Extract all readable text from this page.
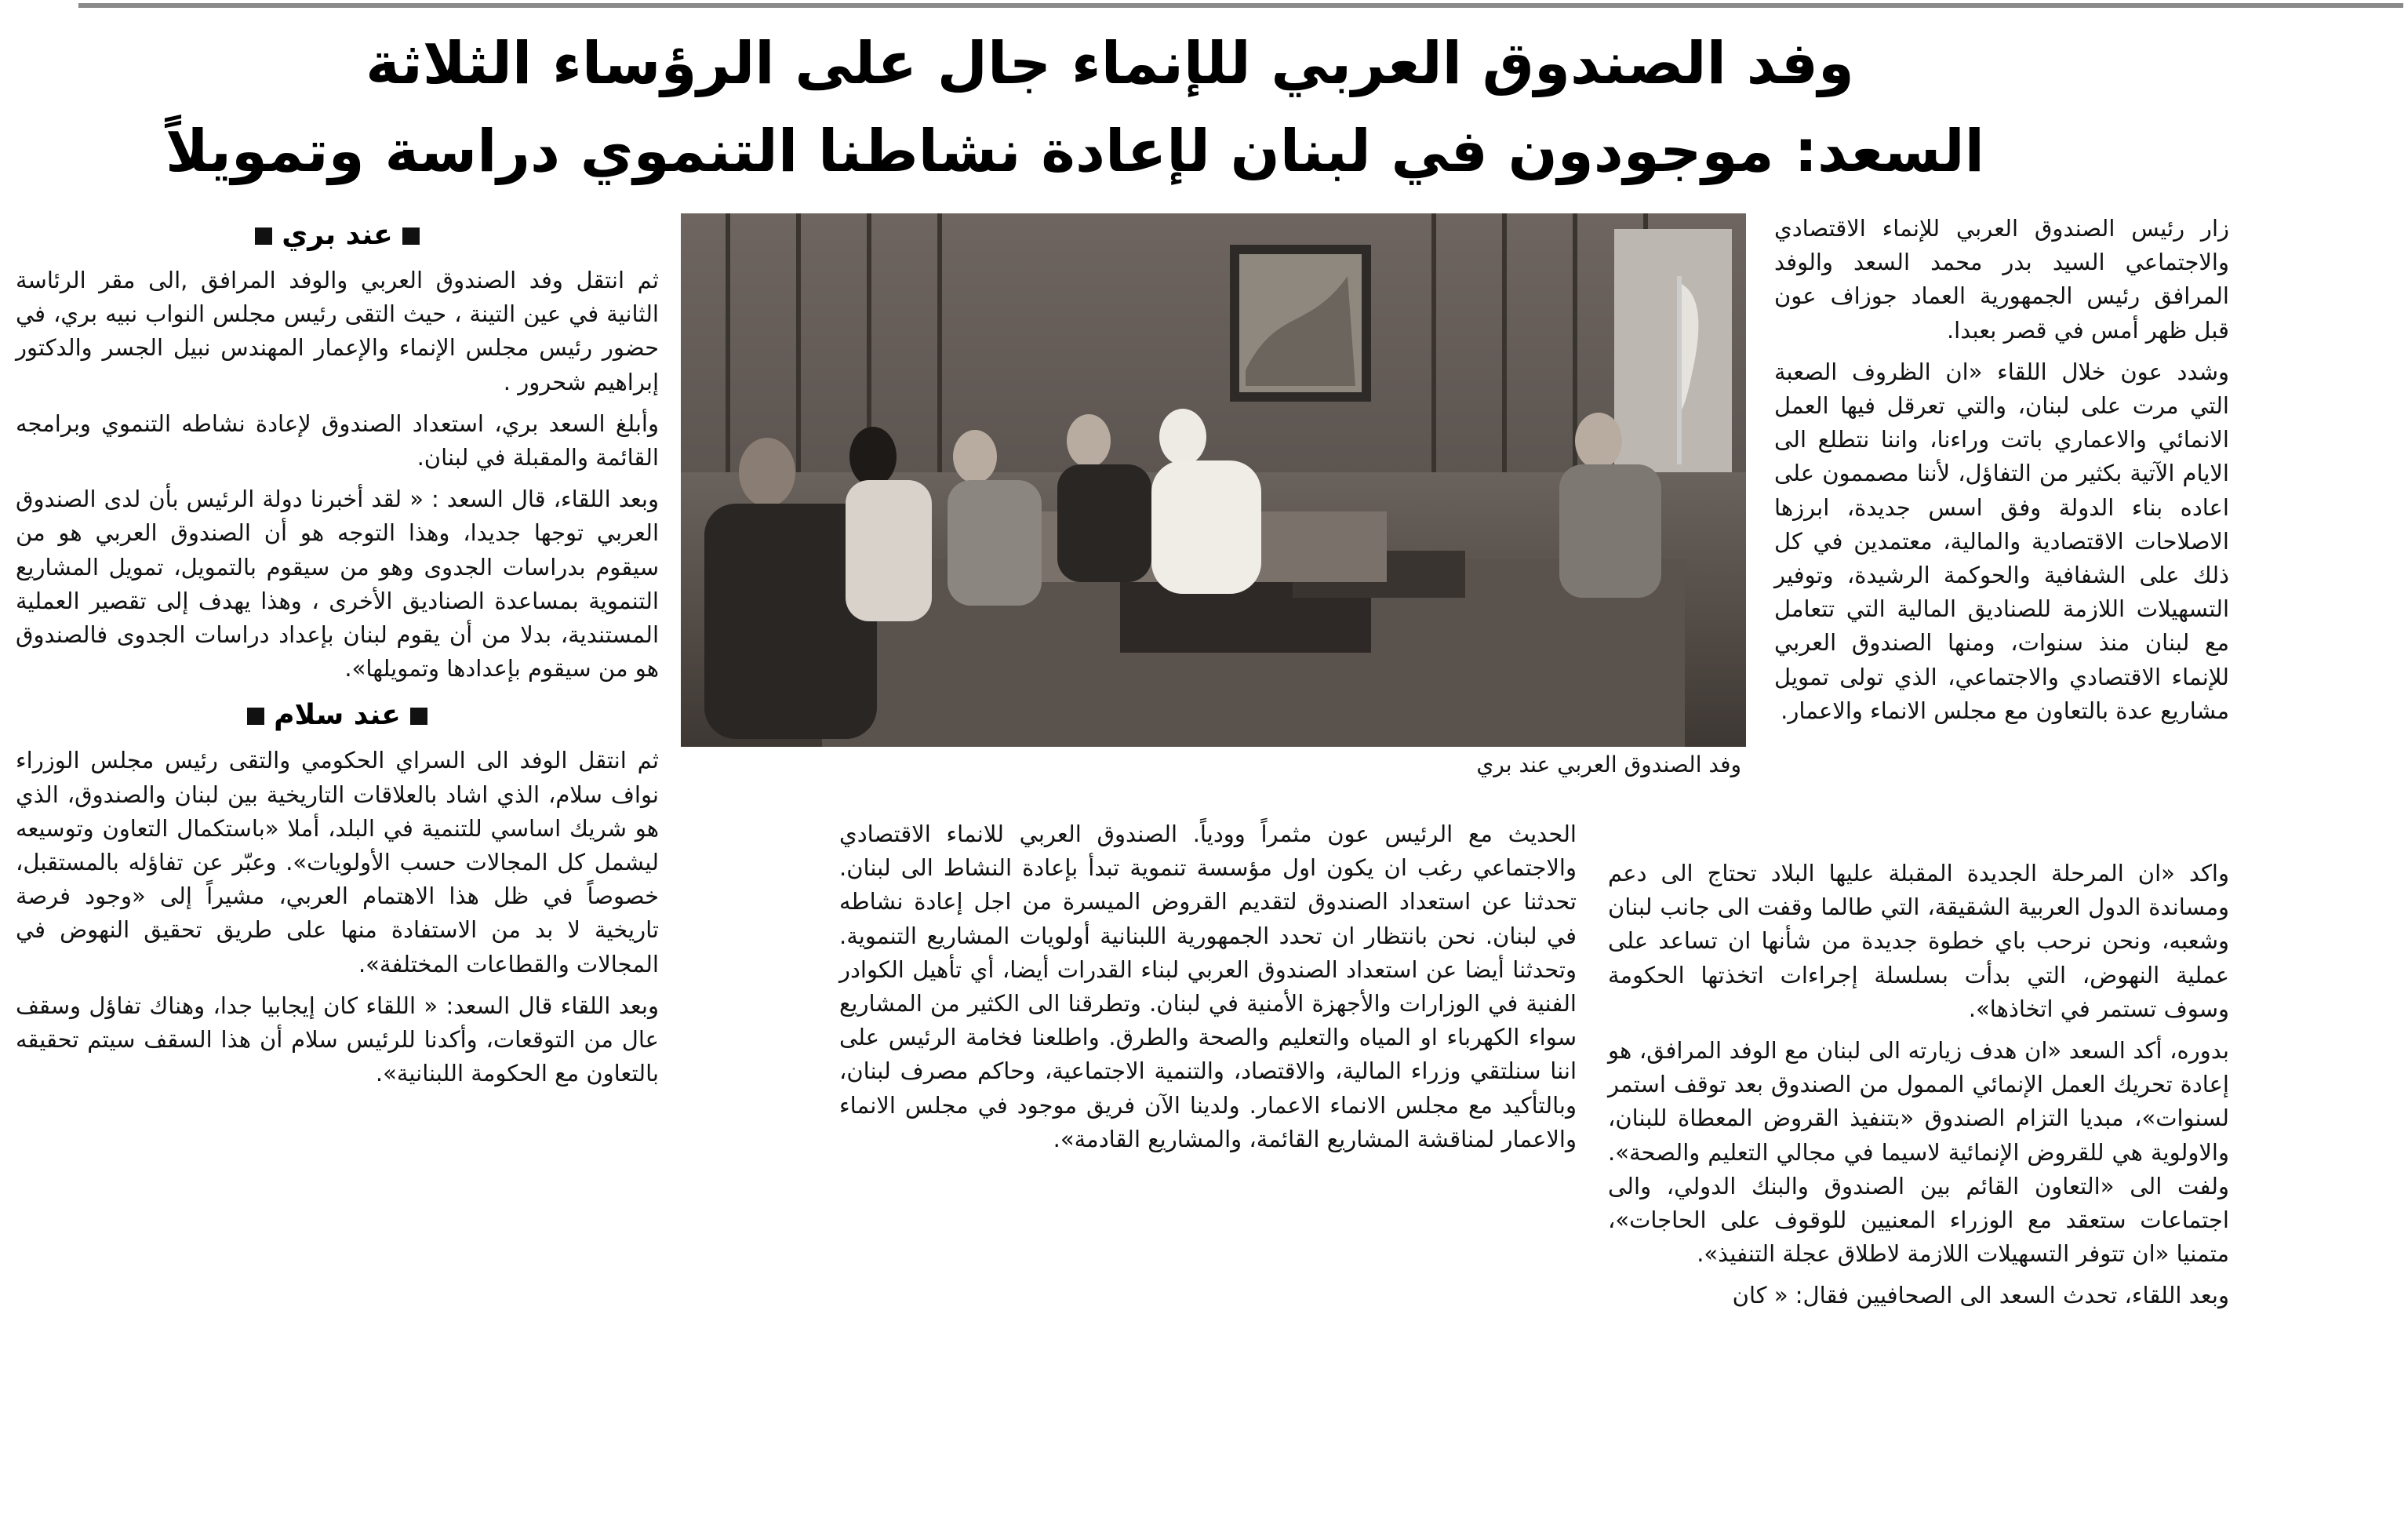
وفد الصندوق العربي للإنماء جال على الرؤساء الثلاثة
السعد: موجودون في لبنان لإعادة نشاطنا التنموي دراسة وتمويلاً

زار رئيس الصندوق العربي للإنماء الاقتصادي والاجتماعي السيد بدر محمد السعد والوفد المرافق رئيس الجمهورية العماد جوزاف عون قبل ظهر أمس في قصر بعبدا.

وشدد عون خلال اللقاء «ان الظروف الصعبة التي مرت على لبنان، والتي تعرقل فيها العمل الانمائي والاعماري باتت وراءنا، واننا نتطلع الى الايام الآتية بكثير من التفاؤل، لأننا مصممون على اعاده بناء الدولة وفق اسس جديدة، ابرزها الاصلاحات الاقتصادية والمالية، معتمدين في كل ذلك على الشفافية والحوكمة الرشيدة، وتوفير التسهيلات اللازمة للصناديق المالية التي تتعامل مع لبنان منذ سنوات، ومنها الصندوق العربي للإنماء الاقتصادي والاجتماعي، الذي تولى تمويل مشاريع عدة بالتعاون مع مجلس الانماء والاعمار.

واكد «ان المرحلة الجديدة المقبلة عليها البلاد تحتاج الى دعم ومساندة الدول العربية الشقيقة، التي طالما وقفت الى جانب لبنان وشعبه، ونحن نرحب باي خطوة جديدة من شأنها ان تساعد على عملية النهوض، التي بدأت بسلسلة إجراءات اتخذتها الحكومة وسوف تستمر في اتخاذها».

بدوره، أكد السعد «ان هدف زيارته الى لبنان مع الوفد المرافق، هو إعادة تحريك العمل الإنمائي الممول من الصندوق بعد توقف استمر لسنوات»، مبديا التزام الصندوق «بتنفيذ القروض المعطاة للبنان، والاولوية هي للقروض الإنمائية لاسيما في مجالي التعليم والصحة». ولفت الى «التعاون القائم بين الصندوق والبنك الدولي، والى اجتماعات ستعقد مع الوزراء المعنيين للوقوف على الحاجات»، متمنيا «ان تتوفر التسهيلات اللازمة لاطلاق عجلة التنفيذ».

وبعد اللقاء، تحدث السعد الى الصحافيين فقال: « كان

الحديث مع الرئيس عون مثمراً وودياً. الصندوق العربي للانماء الاقتصادي والاجتماعي رغب ان يكون اول مؤسسة تنموية تبدأ بإعادة النشاط الى لبنان. تحدثنا عن استعداد الصندوق لتقديم القروض الميسرة من اجل إعادة نشاطه في لبنان. نحن بانتظار ان تحدد الجمهورية اللبنانية أولويات المشاريع التنموية. وتحدثنا أيضا عن استعداد الصندوق العربي لبناء القدرات أيضا، أي تأهيل الكوادر الفنية في الوزارات والأجهزة الأمنية في لبنان. وتطرقنا الى الكثير من المشاريع سواء الكهرباء او المياه والتعليم والصحة والطرق. واطلعنا فخامة الرئيس على اننا سنلتقي وزراء المالية، والاقتصاد، والتنمية الاجتماعية، وحاكم مصرف لبنان، وبالتأكيد مع مجلس الانماء الاعمار. ولدينا الآن فريق موجود في مجلس الانماء والاعمار لمناقشة المشاريع القائمة، والمشاريع القادمة».

عند بري

ثم انتقل وفد الصندوق العربي والوفد المرافق ,الى مقر الرئاسة الثانية في عين التينة ، حيث التقى رئيس مجلس النواب نبيه بري، في حضور رئيس مجلس الإنماء والإعمار المهندس نبيل الجسر والدكتور إبراهيم شحرور .

وأبلغ السعد بري، استعداد الصندوق لإعادة نشاطه التنموي وبرامجه القائمة والمقبلة في لبنان.

وبعد اللقاء، قال السعد : « لقد أخبرنا دولة الرئيس بأن لدى الصندوق العربي توجها جديدا، وهذا التوجه هو أن الصندوق العربي هو من سيقوم بدراسات الجدوى وهو من سيقوم بالتمويل، تمويل المشاريع التنموية بمساعدة الصناديق الأخرى ، وهذا يهدف إلى تقصير العملية المستندية، بدلا من أن يقوم لبنان بإعداد دراسات الجدوى فالصندوق هو من سيقوم بإعدادها وتمويلها».

عند سلام

ثم انتقل الوفد الى السراي الحكومي والتقى رئيس مجلس الوزراء نواف سلام، الذي اشاد بالعلاقات التاريخية بين لبنان والصندوق، الذي هو شريك اساسي للتنمية في البلد، أملا «باستكمال التعاون وتوسيعه ليشمل كل المجالات حسب الأولويات». وعبّر عن تفاؤله بالمستقبل، خصوصاً في ظل هذا الاهتمام العربي، مشيراً إلى «وجود فرصة تاريخية لا بد من الاستفادة منها على طريق تحقيق النهوض في المجالات والقطاعات المختلفة».

وبعد اللقاء قال السعد: « اللقاء كان إيجابيا جدا، وهناك تفاؤل وسقف عال من التوقعات، وأكدنا للرئيس سلام أن هذا السقف سيتم تحقيقه بالتعاون مع الحكومة اللبنانية».

وفد الصندوق العربي عند بري
